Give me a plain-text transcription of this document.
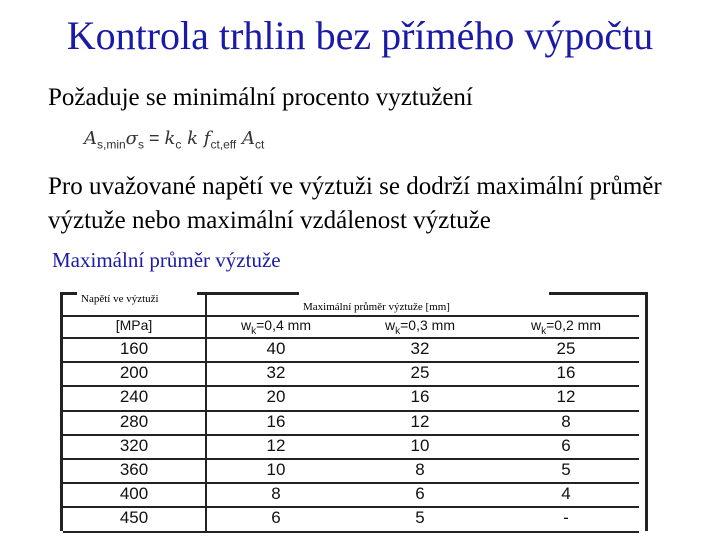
Kontrola trhlin bez přímého výpočtu
Požaduje se minimální procento vyztužení
$A_{s,min}\sigma_s = k_c$ k $f_{ct,eff}$ $A_{ct}$
Pro uvažované napětí ve výztuži se dodrží maximální průměr výztuže nebo maximální vzdálenost výztuže
Maximální průměr výztuže
Napětí ve výztuži
Maximální průměr výztuže [mm]
[MPa]	$w_k=0,4$ mm	$w_k=0,3$ mm	$w_k=0,2$ mm
160	40	32	25
200	32	25	16
240	20	16	12
280	16	12	8
320	12	10	6
360	10	8	5
400	8	6	4
450	6	5	-
